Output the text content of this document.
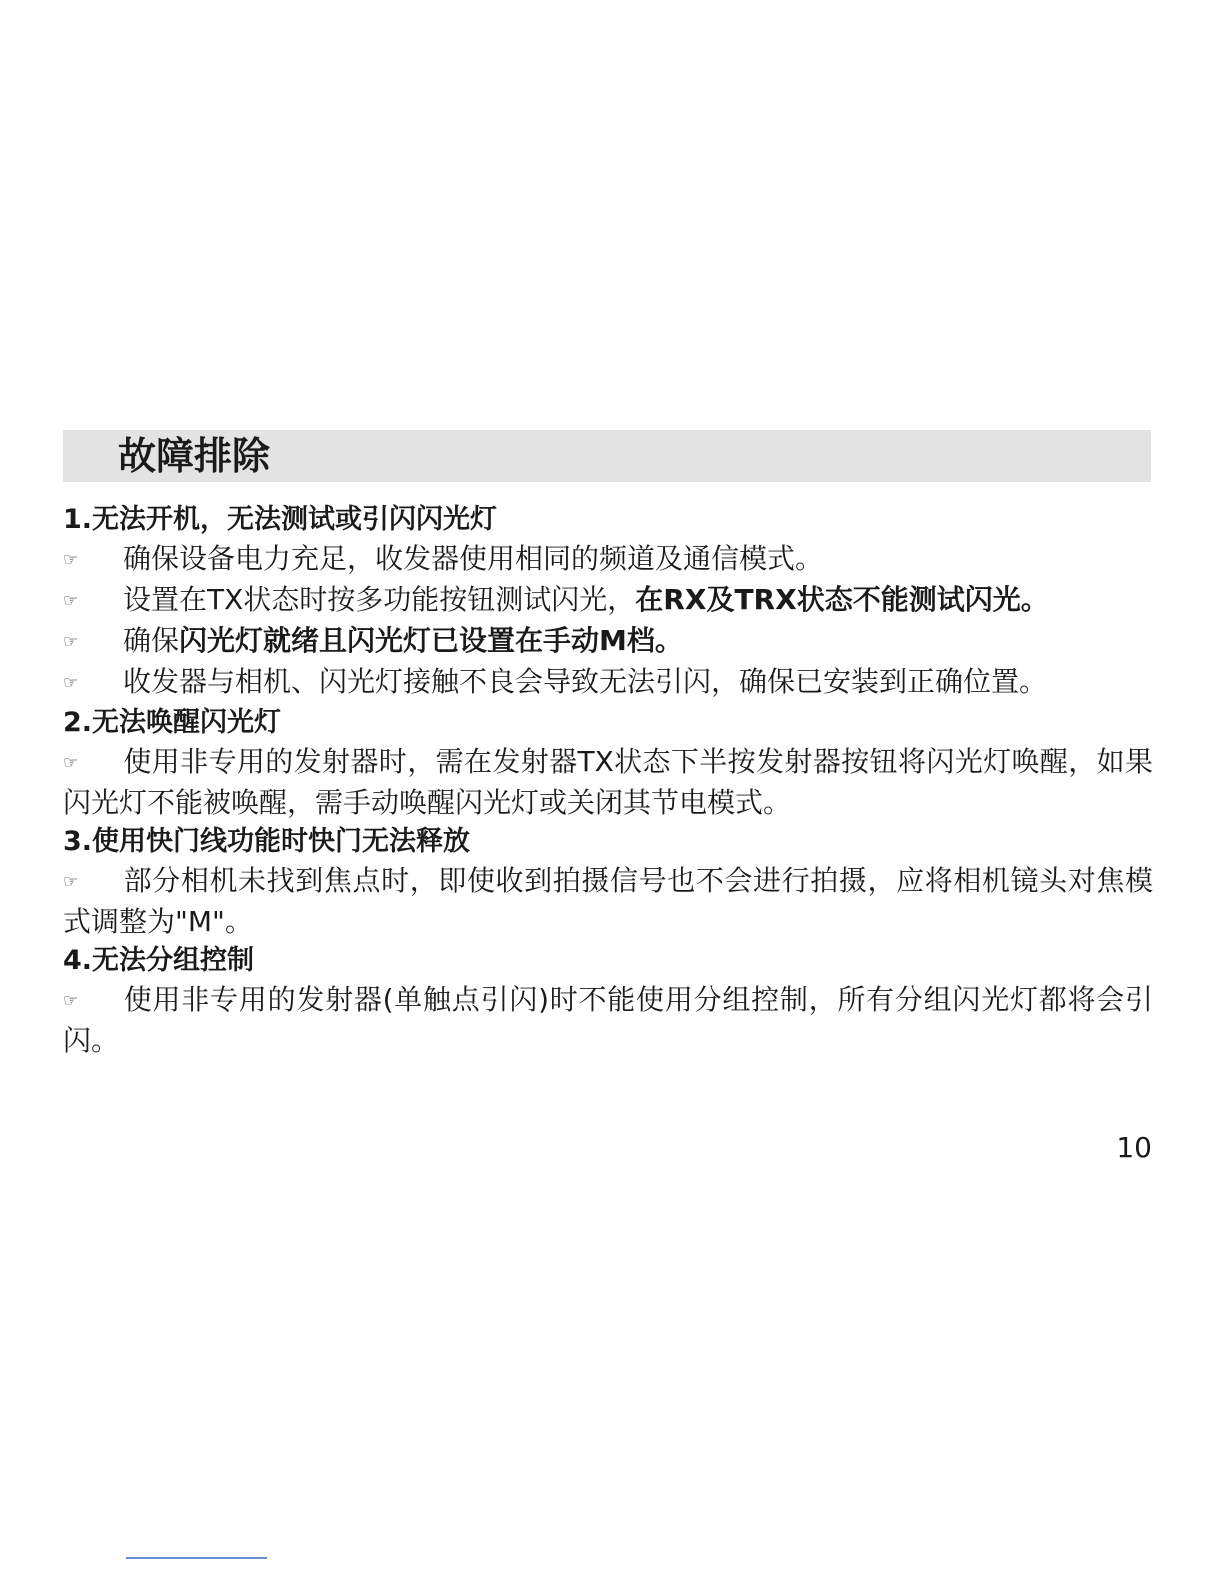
故障排除
1.无法开机，无法测试或引闪闪光灯

☞ 确保设备电力充足，收发器使用相同的频道及通信模式。

☞ 设置在TX状态时按多功能按钮测试闪光，在RX及TRX状态不能测试闪光。

☞ 确保闪光灯就绪且闪光灯已设置在手动M档。

☞ 收发器与相机、闪光灯接触不良会导致无法引闪，确保已安装到正确位置。

2.无法唤醒闪光灯

☞ 使用非专用的发射器时，需在发射器TX状态下半按发射器按钮将闪光灯唤醒，如果闪光灯不能被唤醒，需手动唤醒闪光灯或关闭其节电模式。

3.使用快门线功能时快门无法释放

☞ 部分相机未找到焦点时，即使收到拍摄信号也不会进行拍摄，应将相机镜头对焦模式调整为"M"。

4.无法分组控制

☞ 使用非专用的发射器(单触点引闪)时不能使用分组控制，所有分组闪光灯都将会引闪。

10
